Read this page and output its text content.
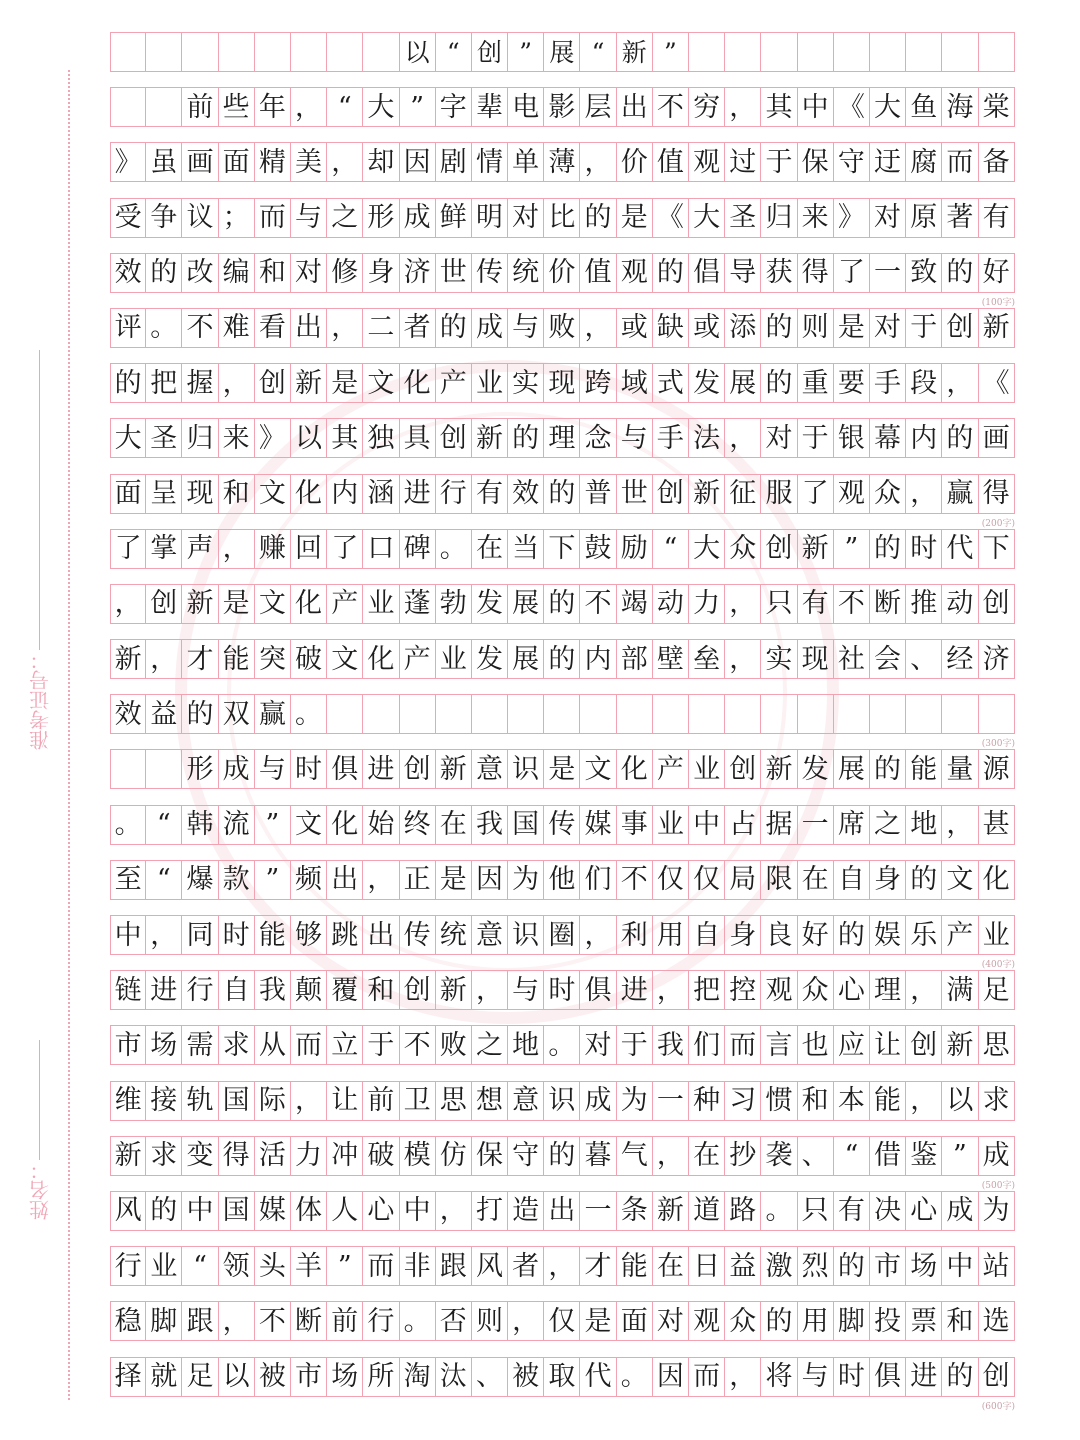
姓名：
准考证号：
以 “ 创 ” 展 “ 新 ”
前 些 年 ， “ 大 ” 字 辈 电 影 层 出 不 穷 ， 其 中 《 大 鱼 海 棠
》 虽 画 面 精 美 ， 却 因 剧 情 单 薄 ， 价 值 观 过 于 保 守 迂 腐 而 备
受 争 议 ； 而 与 之 形 成 鲜 明 对 比 的 是 《 大 圣 归 来 》 对 原 著 有
效 的 改 编 和 对 修 身 济 世 传 统 价 值 观 的 倡 导 获 得 了 一 致 的 好
(100字)
评 。 不 难 看 出 ， 二 者 的 成 与 败 ， 或 缺 或 添 的 则 是 对 于 创 新
的 把 握 ， 创 新 是 文 化 产 业 实 现 跨 域 式 发 展 的 重 要 手 段 ， 《
大 圣 归 来 》 以 其 独 具 创 新 的 理 念 与 手 法 ， 对 于 银 幕 内 的 画
面 呈 现 和 文 化 内 涵 进 行 有 效 的 普 世 创 新 征 服 了 观 众 ， 赢 得
(200字)
了 掌 声 ， 赚 回 了 口 碑 。 在 当 下 鼓 励 “ 大 众 创 新 ” 的 时 代 下
， 创 新 是 文 化 产 业 蓬 勃 发 展 的 不 竭 动 力 ， 只 有 不 断 推 动 创
新 ， 才 能 突 破 文 化 产 业 发 展 的 内 部 壁 垒 ， 实 现 社 会 、 经 济
效 益 的 双 赢 。
(300字)
形 成 与 时 俱 进 创 新 意 识 是 文 化 产 业 创 新 发 展 的 能 量 源
。 “ 韩 流 ” 文 化 始 终 在 我 国 传 媒 事 业 中 占 据 一 席 之 地 ， 甚
至 “ 爆 款 ” 频 出 ， 正 是 因 为 他 们 不 仅 仅 局 限 在 自 身 的 文 化
中 ， 同 时 能 够 跳 出 传 统 意 识 圈 ， 利 用 自 身 良 好 的 娱 乐 产 业
(400字)
链 进 行 自 我 颠 覆 和 创 新 ， 与 时 俱 进 ， 把 控 观 众 心 理 ， 满 足
市 场 需 求 从 而 立 于 不 败 之 地 。 对 于 我 们 而 言 也 应 让 创 新 思
维 接 轨 国 际 ， 让 前 卫 思 想 意 识 成 为 一 种 习 惯 和 本 能 ， 以 求
新 求 变 得 活 力 冲 破 模 仿 保 守 的 暮 气 ， 在 抄 袭 、 “ 借 鉴 ” 成
(500字)
风 的 中 国 媒 体 人 心 中 ， 打 造 出 一 条 新 道 路 。 只 有 决 心 成 为
行 业 “ 领 头 羊 ” 而 非 跟 风 者 ， 才 能 在 日 益 激 烈 的 市 场 中 站
稳 脚 跟 ， 不 断 前 行 。 否 则 ， 仅 是 面 对 观 众 的 用 脚 投 票 和 选
择 就 足 以 被 市 场 所 淘 汰 、 被 取 代 。 因 而 ， 将 与 时 俱 进 的 创
(600字)
